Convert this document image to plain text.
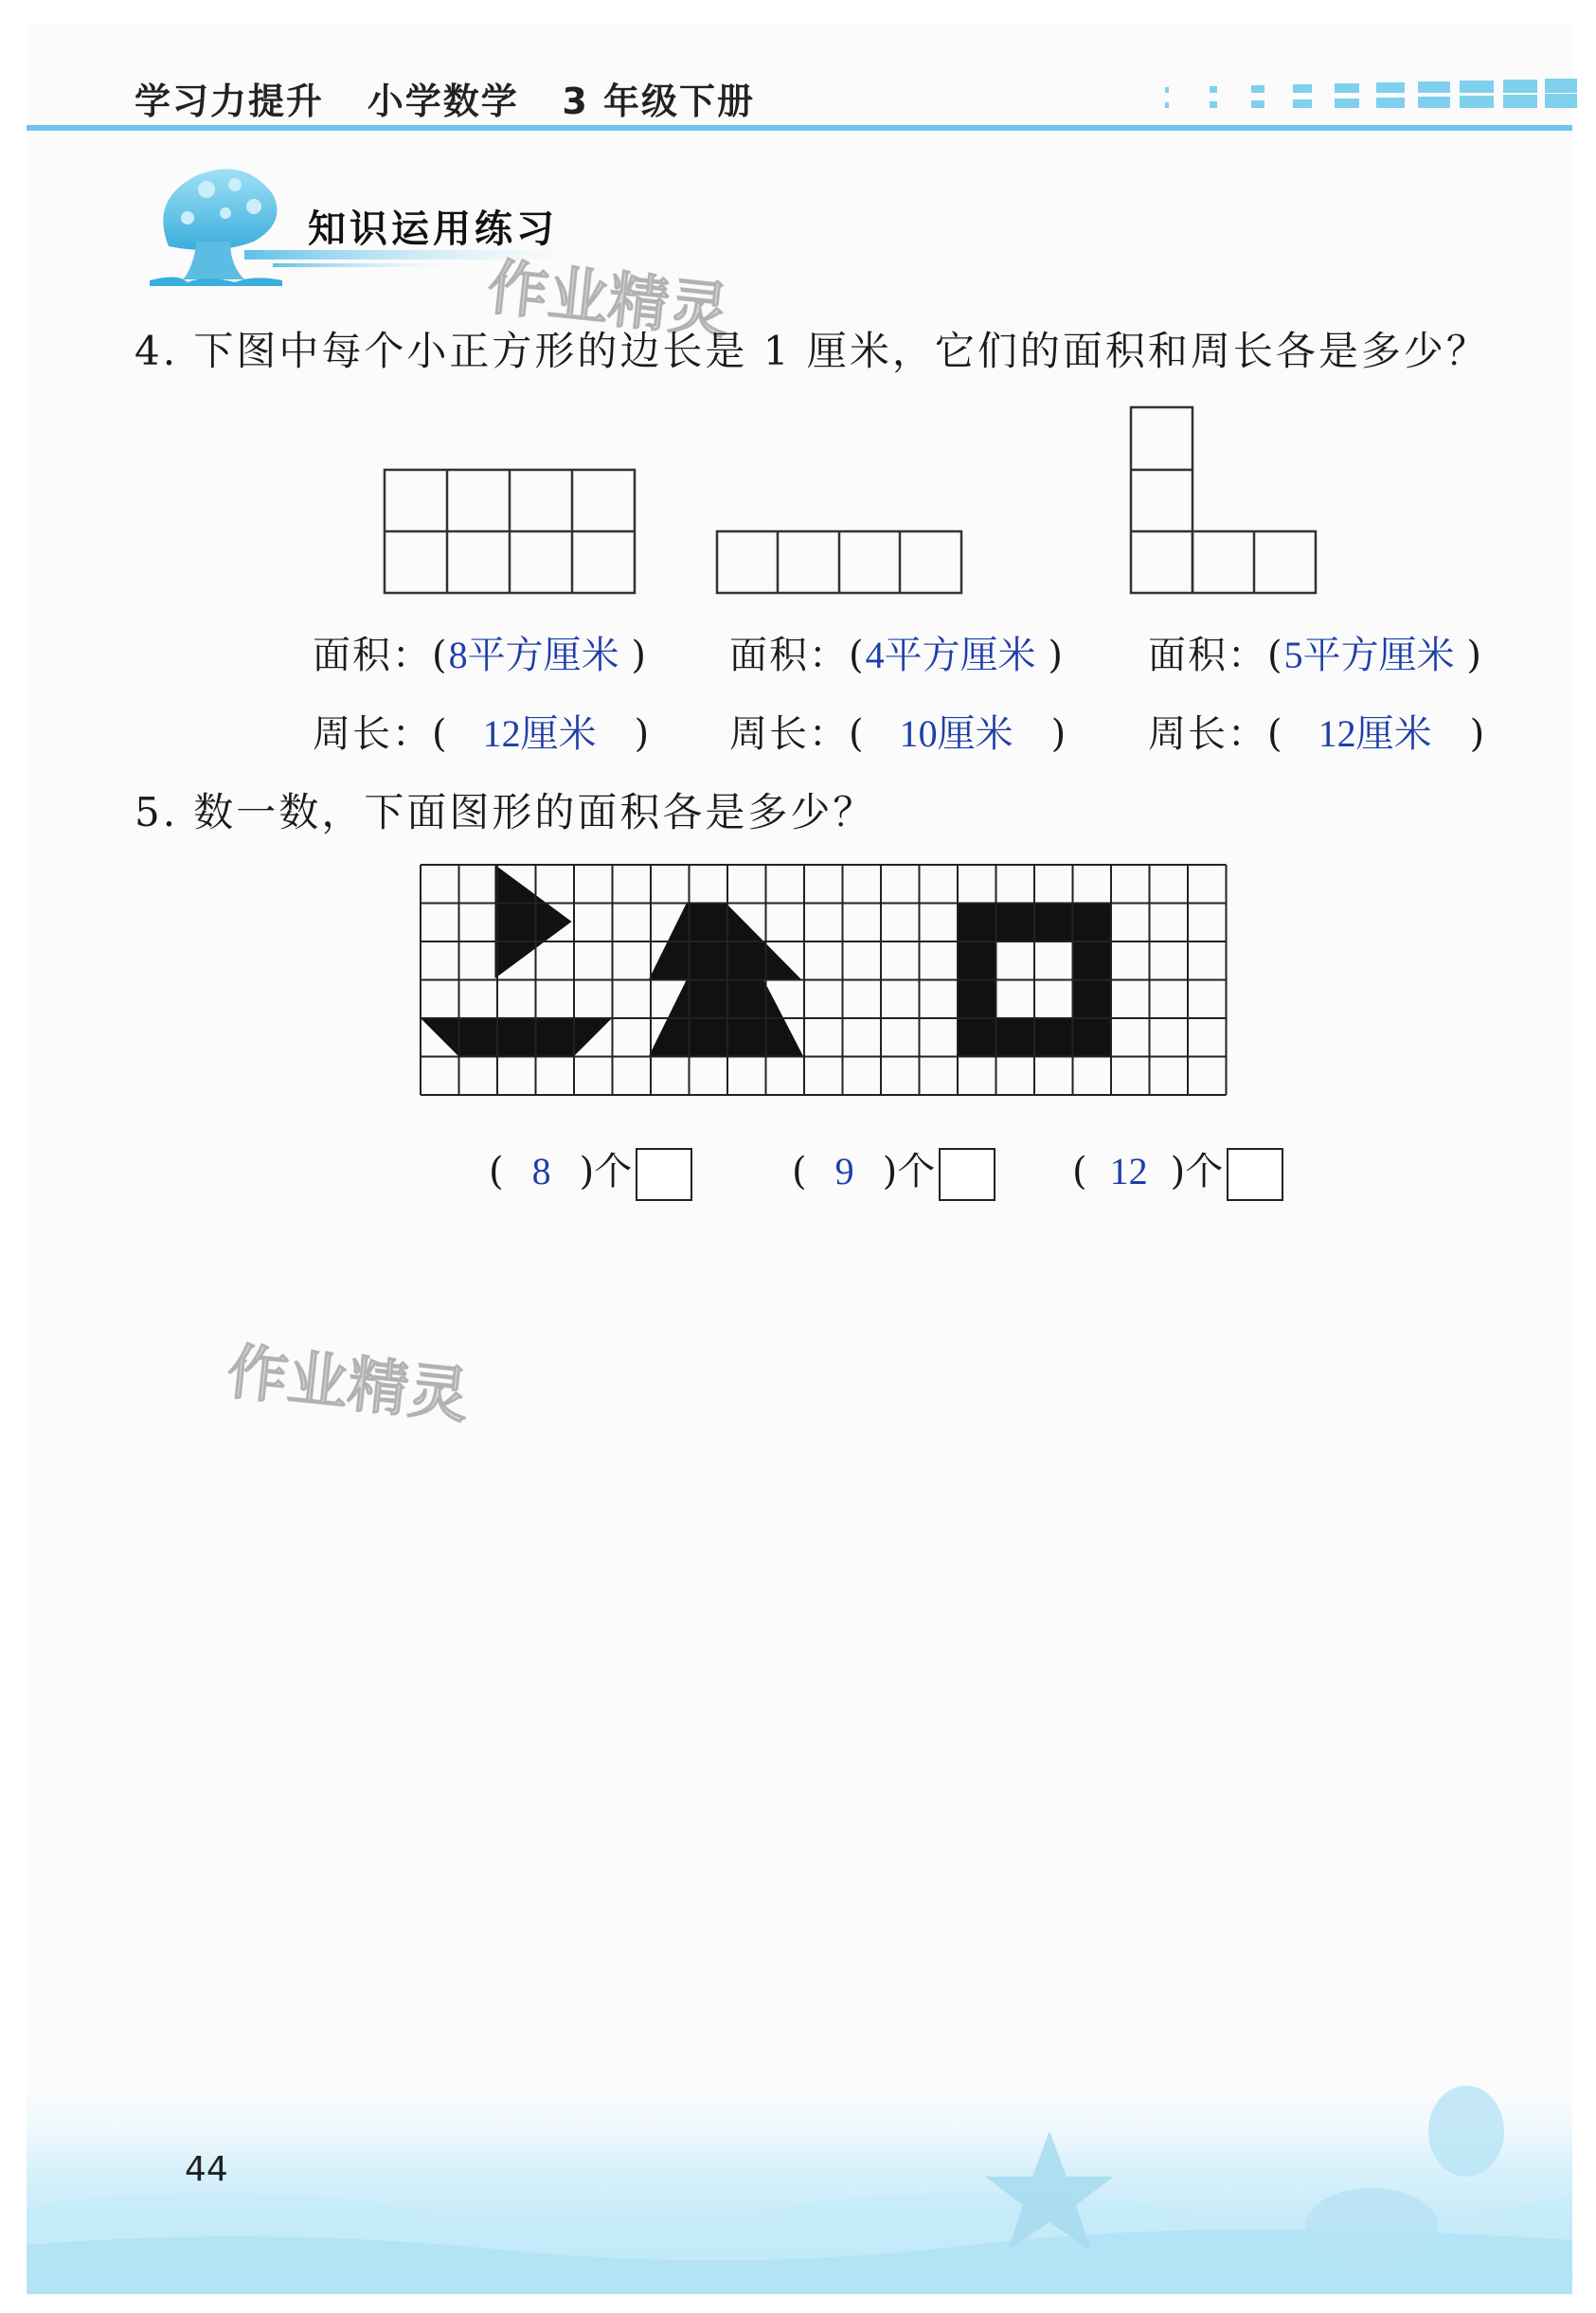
学习力提升   小学数学   3 年级下册
知识运用练习
作业精灵
4. 下图中每个小正方形的边长是 1 厘米，它们的面积和周长各是多少？
面积：(8平方厘米 ) 面积：(4平方厘米 ) 面积：(5平方厘米 )
周长：( 12厘米 ) 周长：( 10厘米 ) 周长：( 12厘米 )
5. 数一数，下面图形的面积各是多少？
( 8 )个	( 9 )个	( 12 )个
作业精灵
44
